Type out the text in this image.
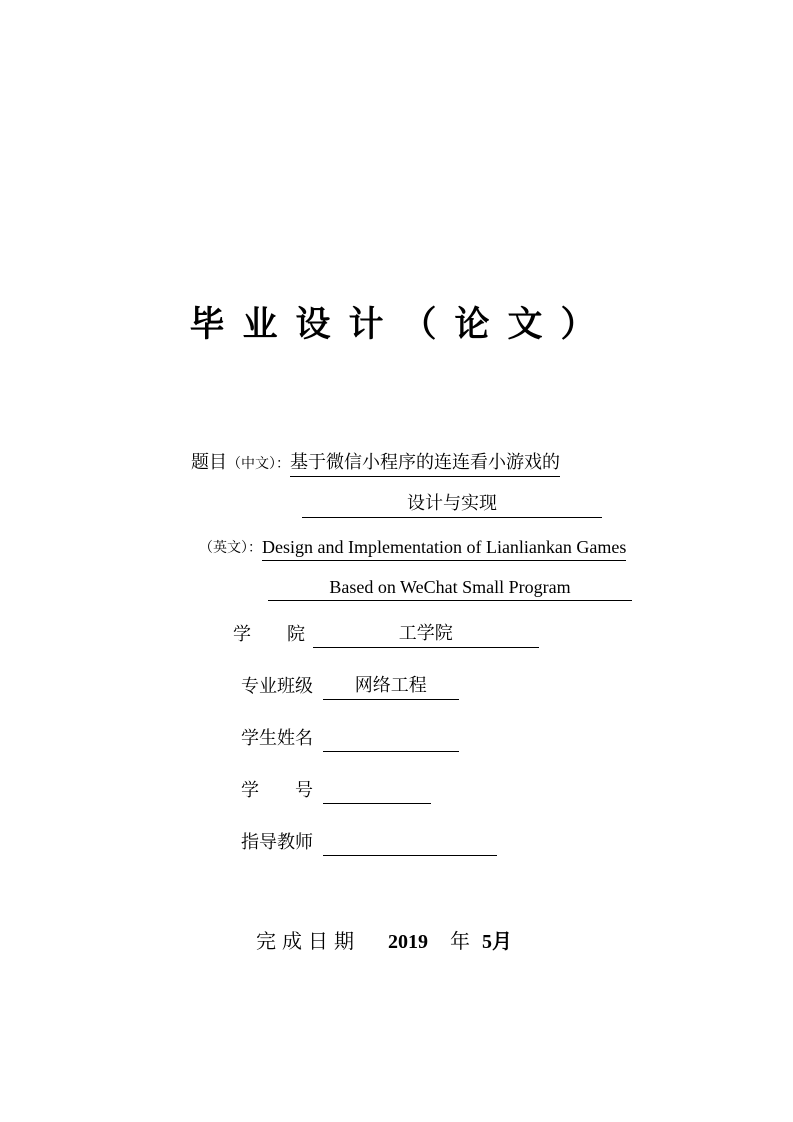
毕业设计（论文）
题目（中文）：基于微信小程序的连连看小游戏的
设计与实现
（英文）：Design and Implementation of Lianliankan Games
Based on WeChat Small Program
学　　院	工学院
专业班级 网络工程
学生姓名
学　　号
指导教师
完成日期 2019 年 5月
